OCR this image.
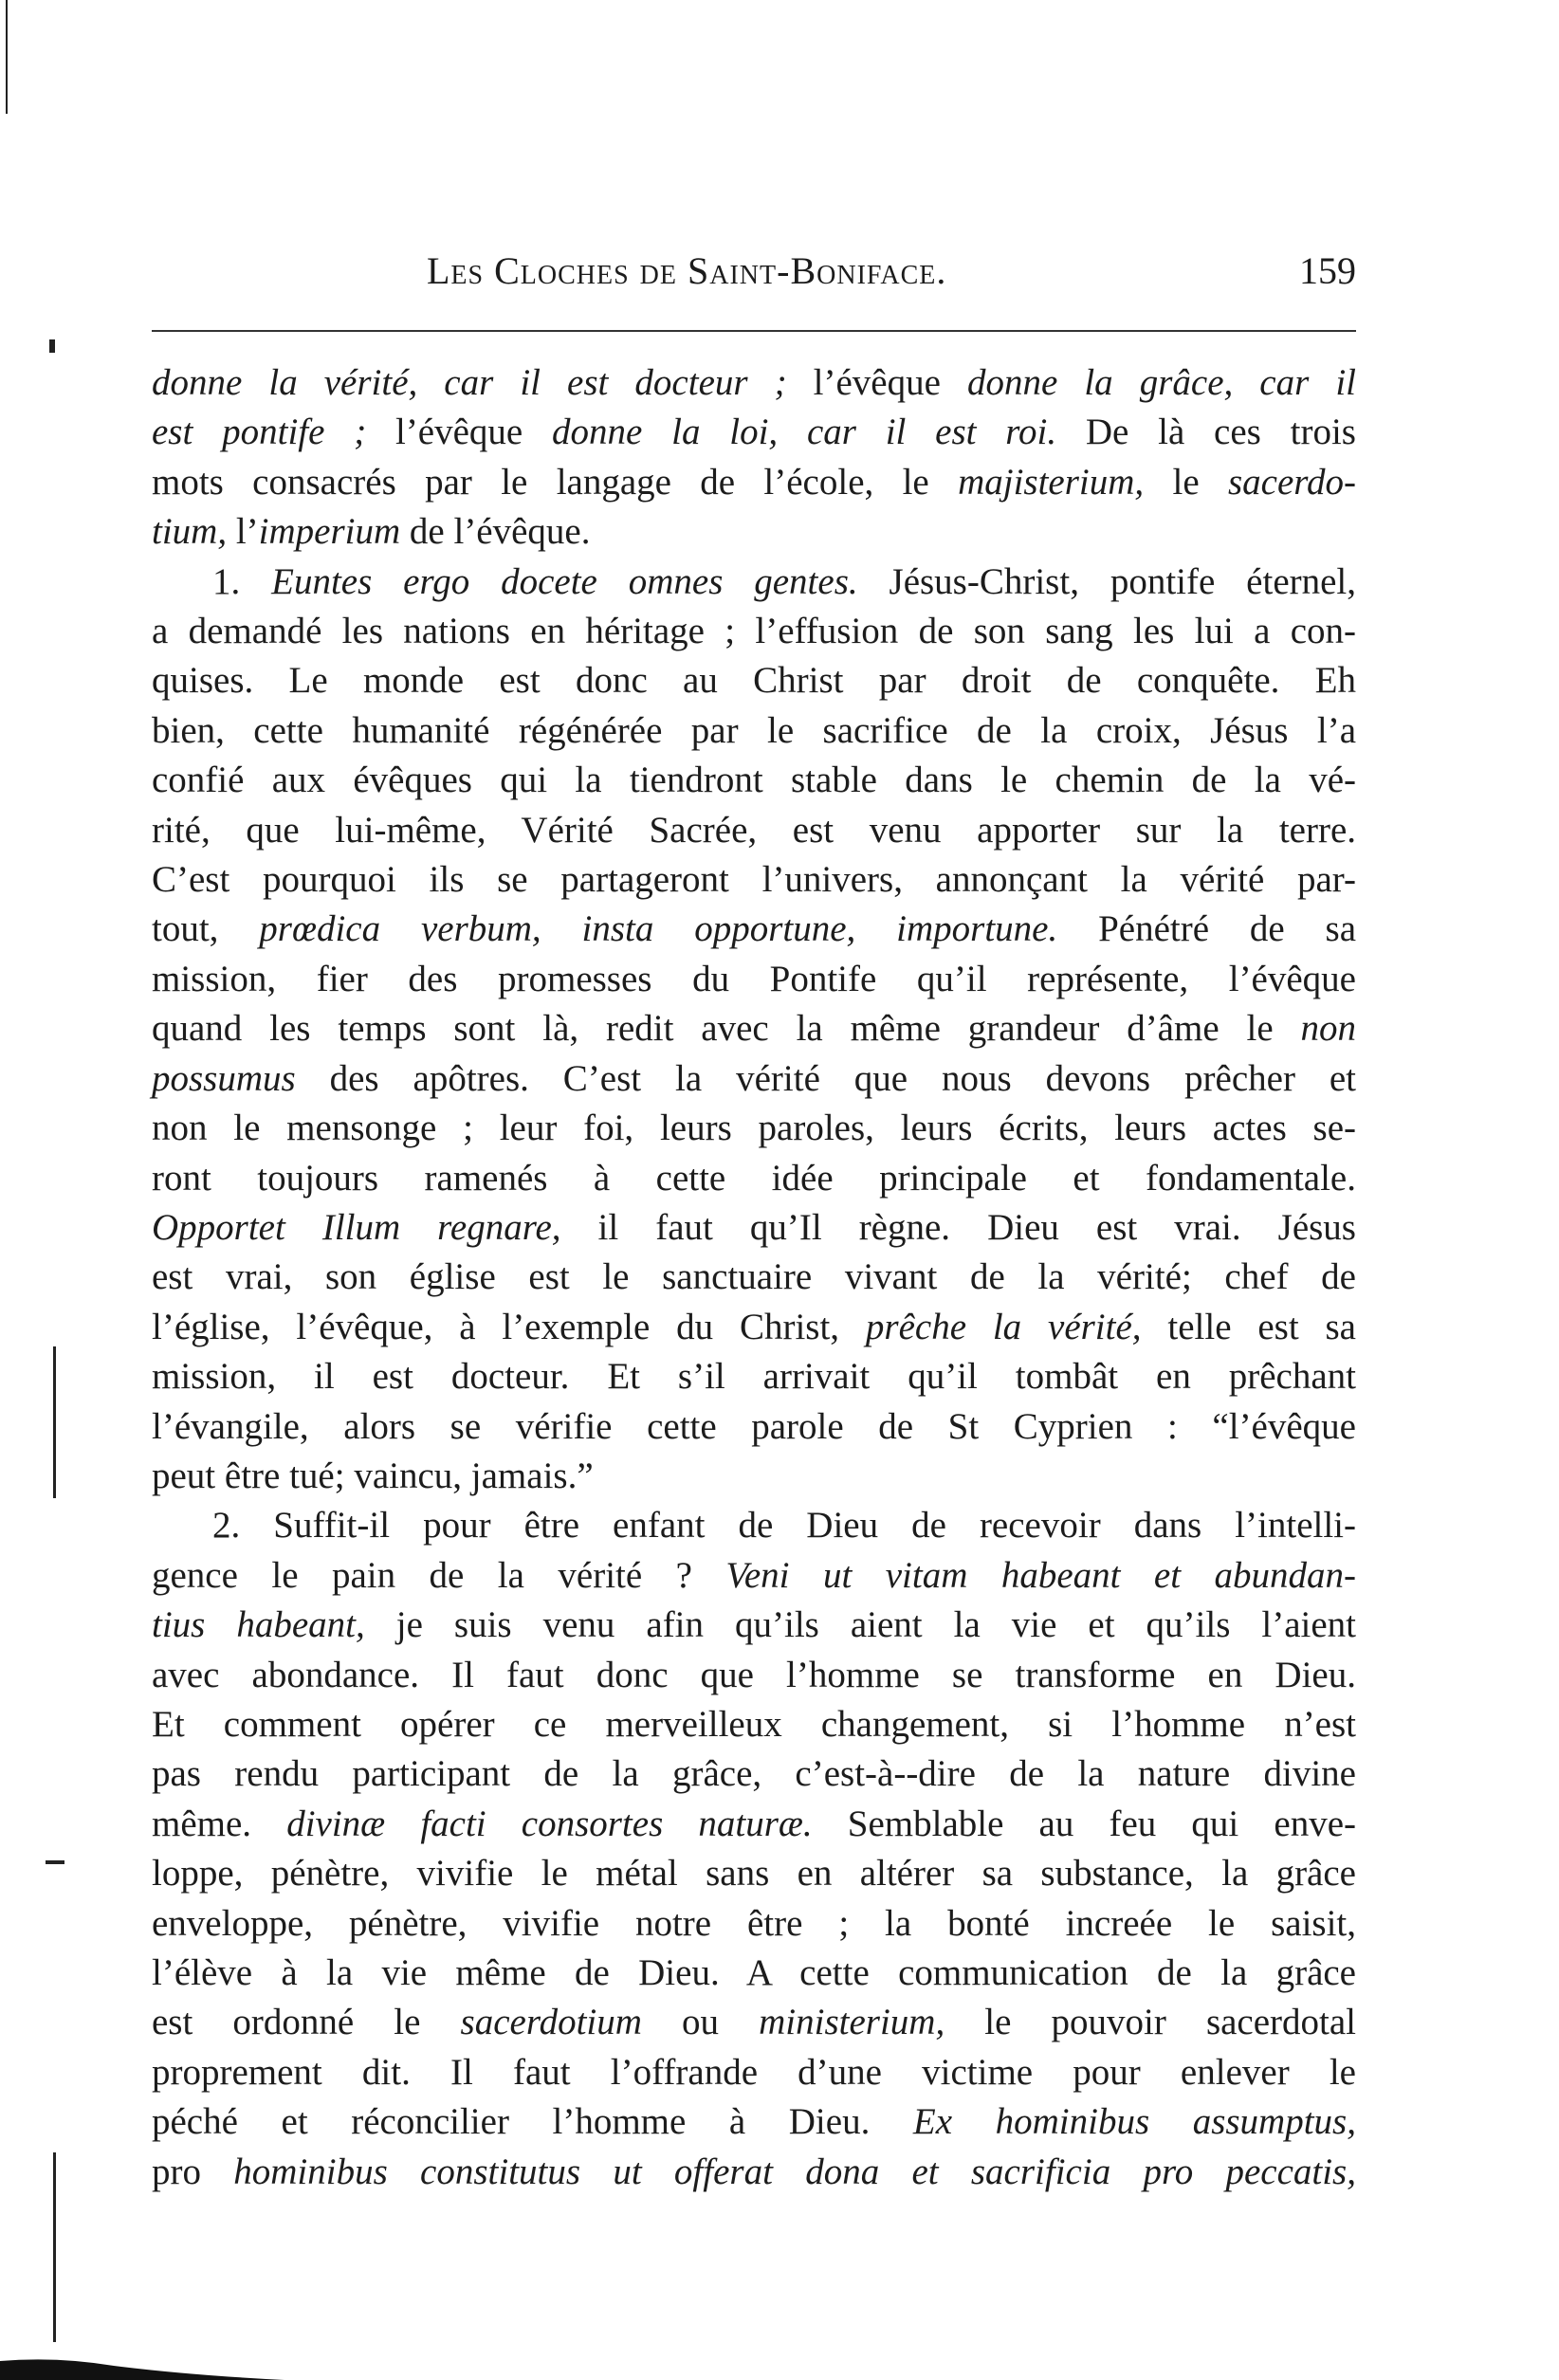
Les Cloches de Saint-Boniface.	159
donne la vérité, car il est docteur ; l’évêque donne la grâce, car il
est pontife ; l’évêque donne la loi, car il est roi. De là ces trois
mots consacrés par le langage de l’école, le majisterium, le sacerdo-
tium, l’imperium de l’évêque.
1. Euntes ergo docete omnes gentes. Jésus-Christ, pontife éternel,
a demandé les nations en héritage ; l’effusion de son sang les lui a con-
quises. Le monde est donc au Christ par droit de conquête. Eh
bien, cette humanité régénérée par le sacrifice de la croix, Jésus l’a
confié aux évêques qui la tiendront stable dans le chemin de la vé-
rité, que lui-même, Vérité Sacrée, est venu apporter sur la terre.
C’est pourquoi ils se partageront l’univers, annonçant la vérité par-
tout, prœdica verbum, insta opportune, importune. Pénétré de sa
mission, fier des promesses du Pontife qu’il représente, l’évêque
quand les temps sont là, redit avec la même grandeur d’âme le non
possumus des apôtres. C’est la vérité que nous devons prêcher et
non le mensonge ; leur foi, leurs paroles, leurs écrits, leurs actes se-
ront toujours ramenés à cette idée principale et fondamentale.
Opportet Illum regnare, il faut qu’Il règne. Dieu est vrai. Jésus
est vrai, son église est le sanctuaire vivant de la vérité; chef de
l’église, l’évêque, à l’exemple du Christ, prêche la vérité, telle est sa
mission, il est docteur. Et s’il arrivait qu’il tombât en prêchant
l’évangile, alors se vérifie cette parole de St Cyprien : “l’évêque
peut être tué; vaincu, jamais.”
2. Suffit-il pour être enfant de Dieu de recevoir dans l’intelli-
gence le pain de la vérité ? Veni ut vitam habeant et abundan-
tius habeant, je suis venu afin qu’ils aient la vie et qu’ils l’aient
avec abondance. Il faut donc que l’homme se transforme en Dieu.
Et comment opérer ce merveilleux changement, si l’homme n’est
pas rendu participant de la grâce, c’est-à--dire de la nature divine
même. divinæ facti consortes naturæ. Semblable au feu qui enve-
loppe, pénètre, vivifie le métal sans en altérer sa substance, la grâce
enveloppe, pénètre, vivifie notre être ; la bonté increée le saisit,
l’élève à la vie même de Dieu. A cette communication de la grâce
est ordonné le sacerdotium ou ministerium, le pouvoir sacerdotal
proprement dit. Il faut l’offrande d’une victime pour enlever le
péché et réconcilier l’homme à Dieu. Ex hominibus assumptus,
pro hominibus constitutus ut offerat dona et sacrificia pro peccatis,
